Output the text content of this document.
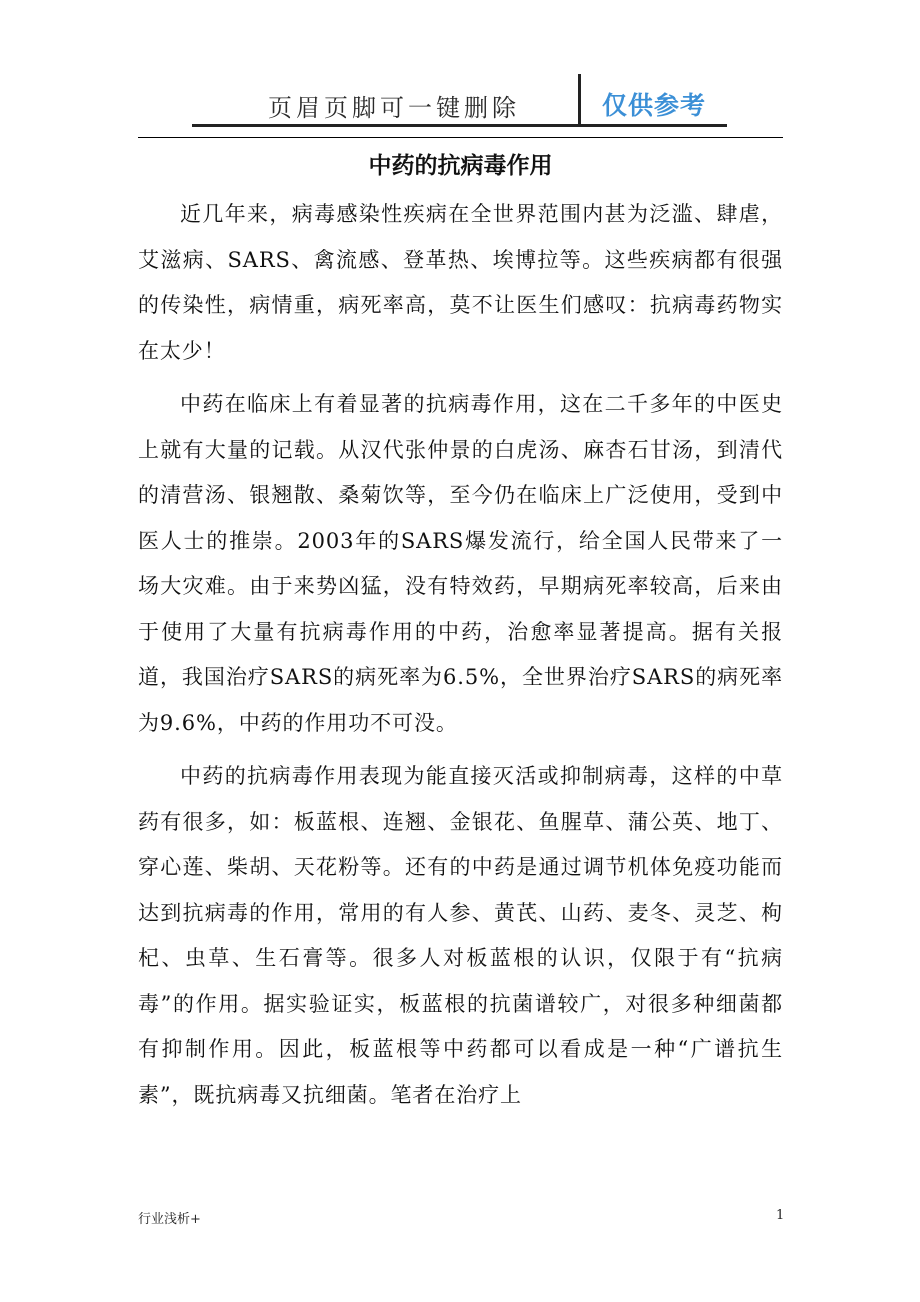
页眉页脚可一键删除	仅供参考
中药的抗病毒作用

近几年来，病毒感染性疾病在全世界范围内甚为泛滥、肆虐，艾滋病、SARS、禽流感、登革热、埃博拉等。这些疾病都有很强的传染性，病情重，病死率高，莫不让医生们感叹：抗病毒药物实在太少！

中药在临床上有着显著的抗病毒作用，这在二千多年的中医史上就有大量的记载。从汉代张仲景的白虎汤、麻杏石甘汤，到清代的清营汤、银翘散、桑菊饮等，至今仍在临床上广泛使用，受到中医人士的推崇。2003年的SARS爆发流行，给全国人民带来了一场大灾难。由于来势凶猛，没有特效药，早期病死率较高，后来由于使用了大量有抗病毒作用的中药，治愈率显著提高。据有关报道，我国治疗SARS的病死率为6.5%，全世界治疗SARS的病死率为9.6%，中药的作用功不可没。

中药的抗病毒作用表现为能直接灭活或抑制病毒，这样的中草药有很多，如：板蓝根、连翘、金银花、鱼腥草、蒲公英、地丁、穿心莲、柴胡、天花粉等。还有的中药是通过调节机体免疫功能而达到抗病毒的作用，常用的有人参、黄芪、山药、麦冬、灵芝、枸杞、虫草、生石膏等。很多人对板蓝根的认识，仅限于有“抗病毒”的作用。据实验证实，板蓝根的抗菌谱较广，对很多种细菌都有抑制作用。因此，板蓝根等中药都可以看成是一种“广谱抗生素”，既抗病毒又抗细菌。笔者在治疗上

行业浅析+	1
